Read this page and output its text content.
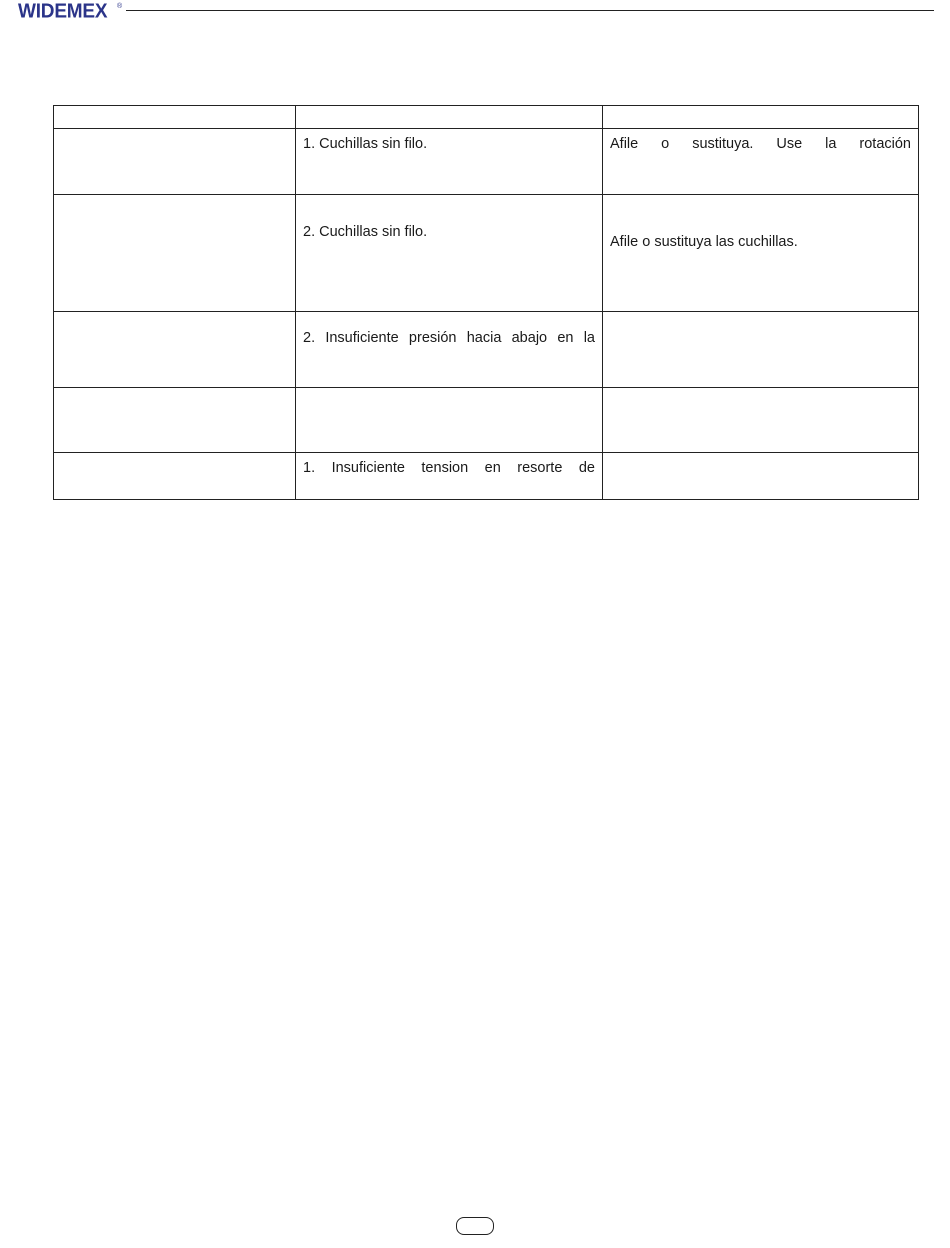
WIDEMEX ®

	1. Cuchillas sin filo.	Afile o sustituya. Use la rotación

	2. Cuchillas sin filo.	Afile o sustituya las cuchillas.

	2. Insuficiente presión hacia abajo en la	

	1. Insuficiente tension en resorte de	
